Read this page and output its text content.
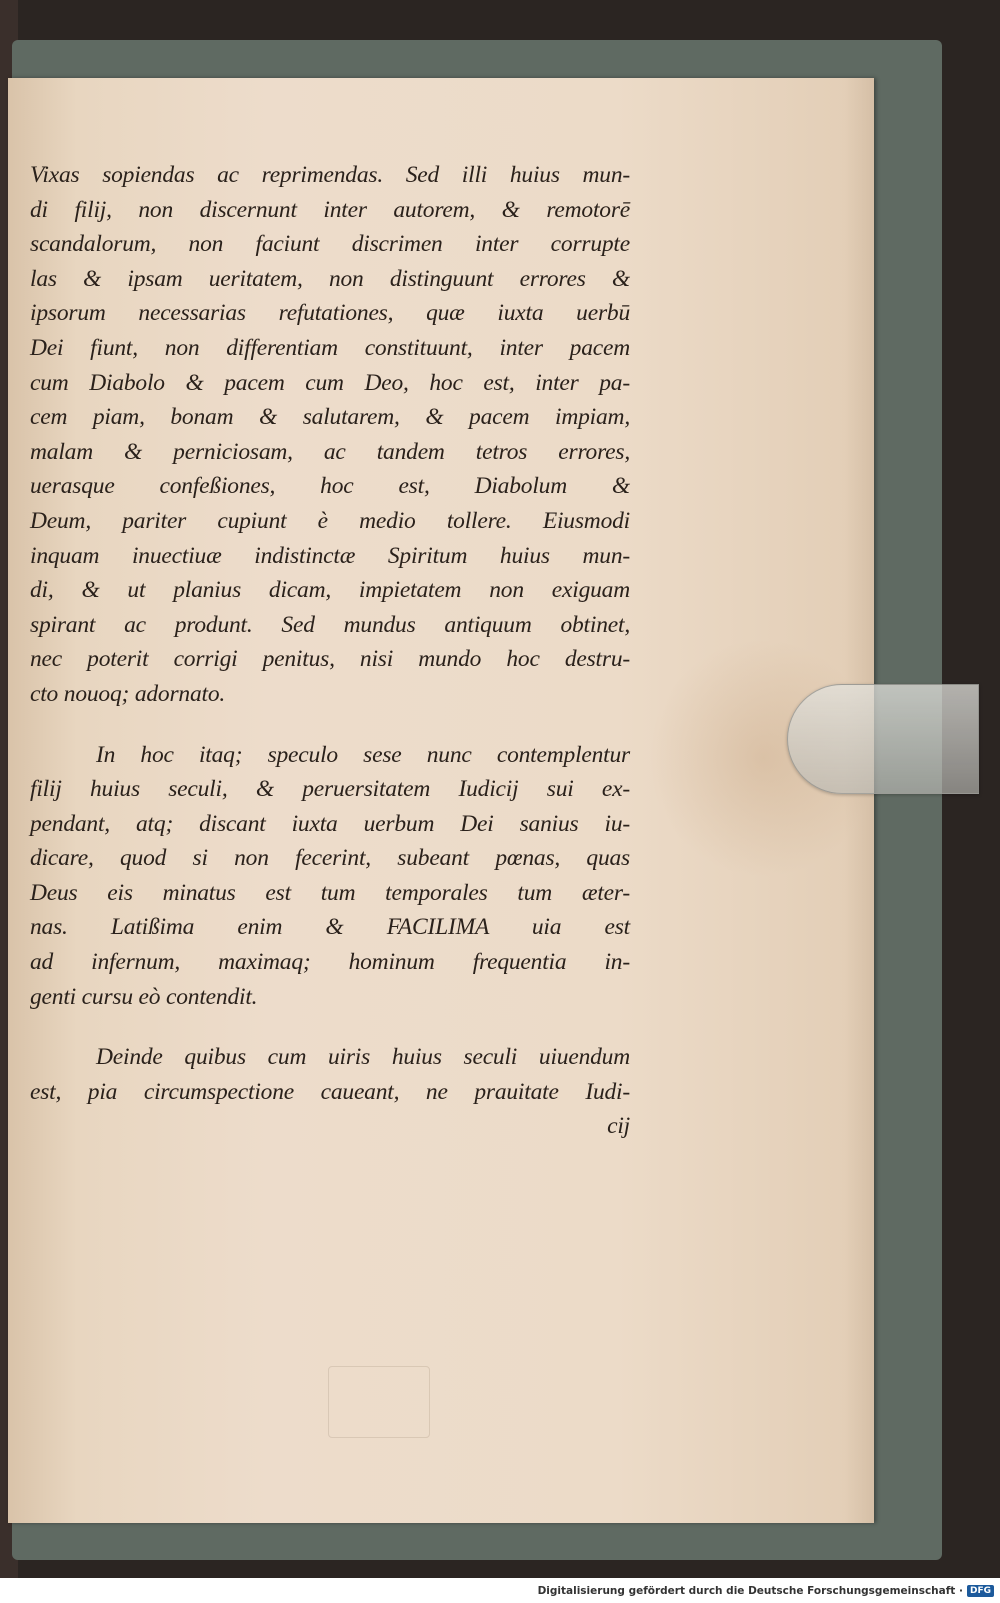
Vixas sopiendas ac reprimendas. Sed illi huius mun-
di filij, non discernunt inter autorem, & remotorē
scandalorum, non faciunt discrimen inter corrupte
las & ipsam ueritatem, non distinguunt errores &
ipsorum necessarias refutationes, quæ iuxta uerbū
Dei fiunt, non differentiam constituunt, inter pacem
cum Diabolo & pacem cum Deo, hoc est, inter pa-
cem piam, bonam & salutarem, & pacem impiam,
malam & perniciosam, ac tandem tetros errores,
uerasque confeßiones, hoc est, Diabolum &
Deum, pariter cupiunt è medio tollere. Eiusmodi
inquam inuectiuæ indistinctæ Spiritum huius mun-
di, & ut planius dicam, impietatem non exiguam
spirant ac produnt. Sed mundus antiquum obtinet,
nec poterit corrigi penitus, nisi mundo hoc destru-
cto nouoq; adornato.

In hoc itaq; speculo sese nunc contemplentur
filij huius seculi, & peruersitatem Iudicij sui ex-
pendant, atq; discant iuxta uerbum Dei sanius iu-
dicare, quod si non fecerint, subeant pœnas, quas
Deus eis minatus est tum temporales tum æter-
nas. Latißima enim & FACILIMA uia est
ad infernum, maximaq; hominum frequentia in-
genti cursu eò contendit.

Deinde quibus cum uiris huius seculi uiuendum
est, pia circumspectione caueant, ne prauitate Iudi-
cij

Digitalisierung gefördert durch die Deutsche Forschungsgemeinschaft · DFG
